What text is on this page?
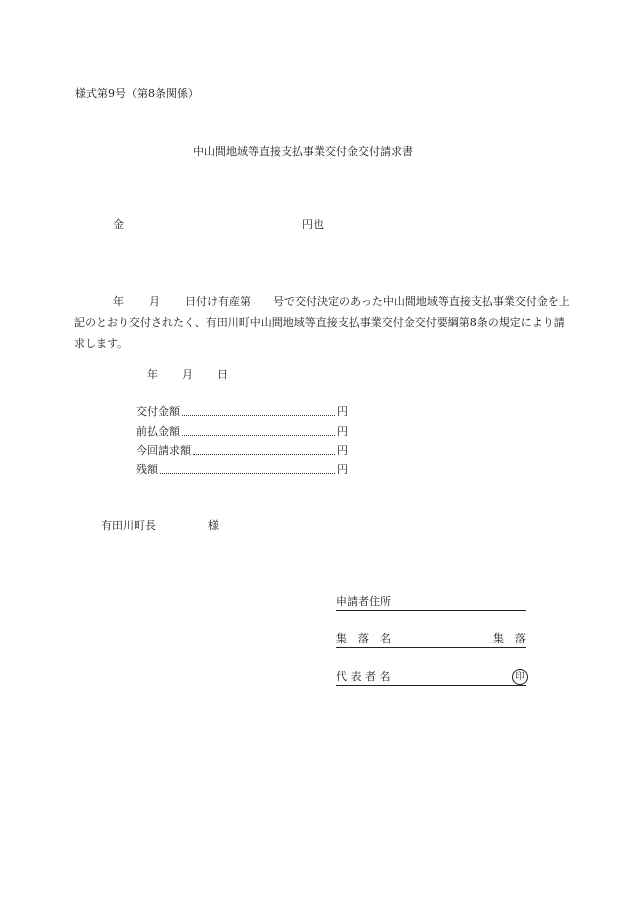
様式第9号（第8条関係）
中山間地域等直接支払事業交付金交付請求書
金	円也
年 月 日付け有産第 号で交付決定のあった中山間地域等直接支払事業交付金を上記のとおり交付されたく、有田川町中山間地域等直接支払事業交付金交付要綱第8条の規定により請求します。
年 月 日
交付金額	円
前払金額	円
今回請求額	円
残額	円
有田川町長	様
申請者住所
集　落　名	集　落
代 表 者 名	印
